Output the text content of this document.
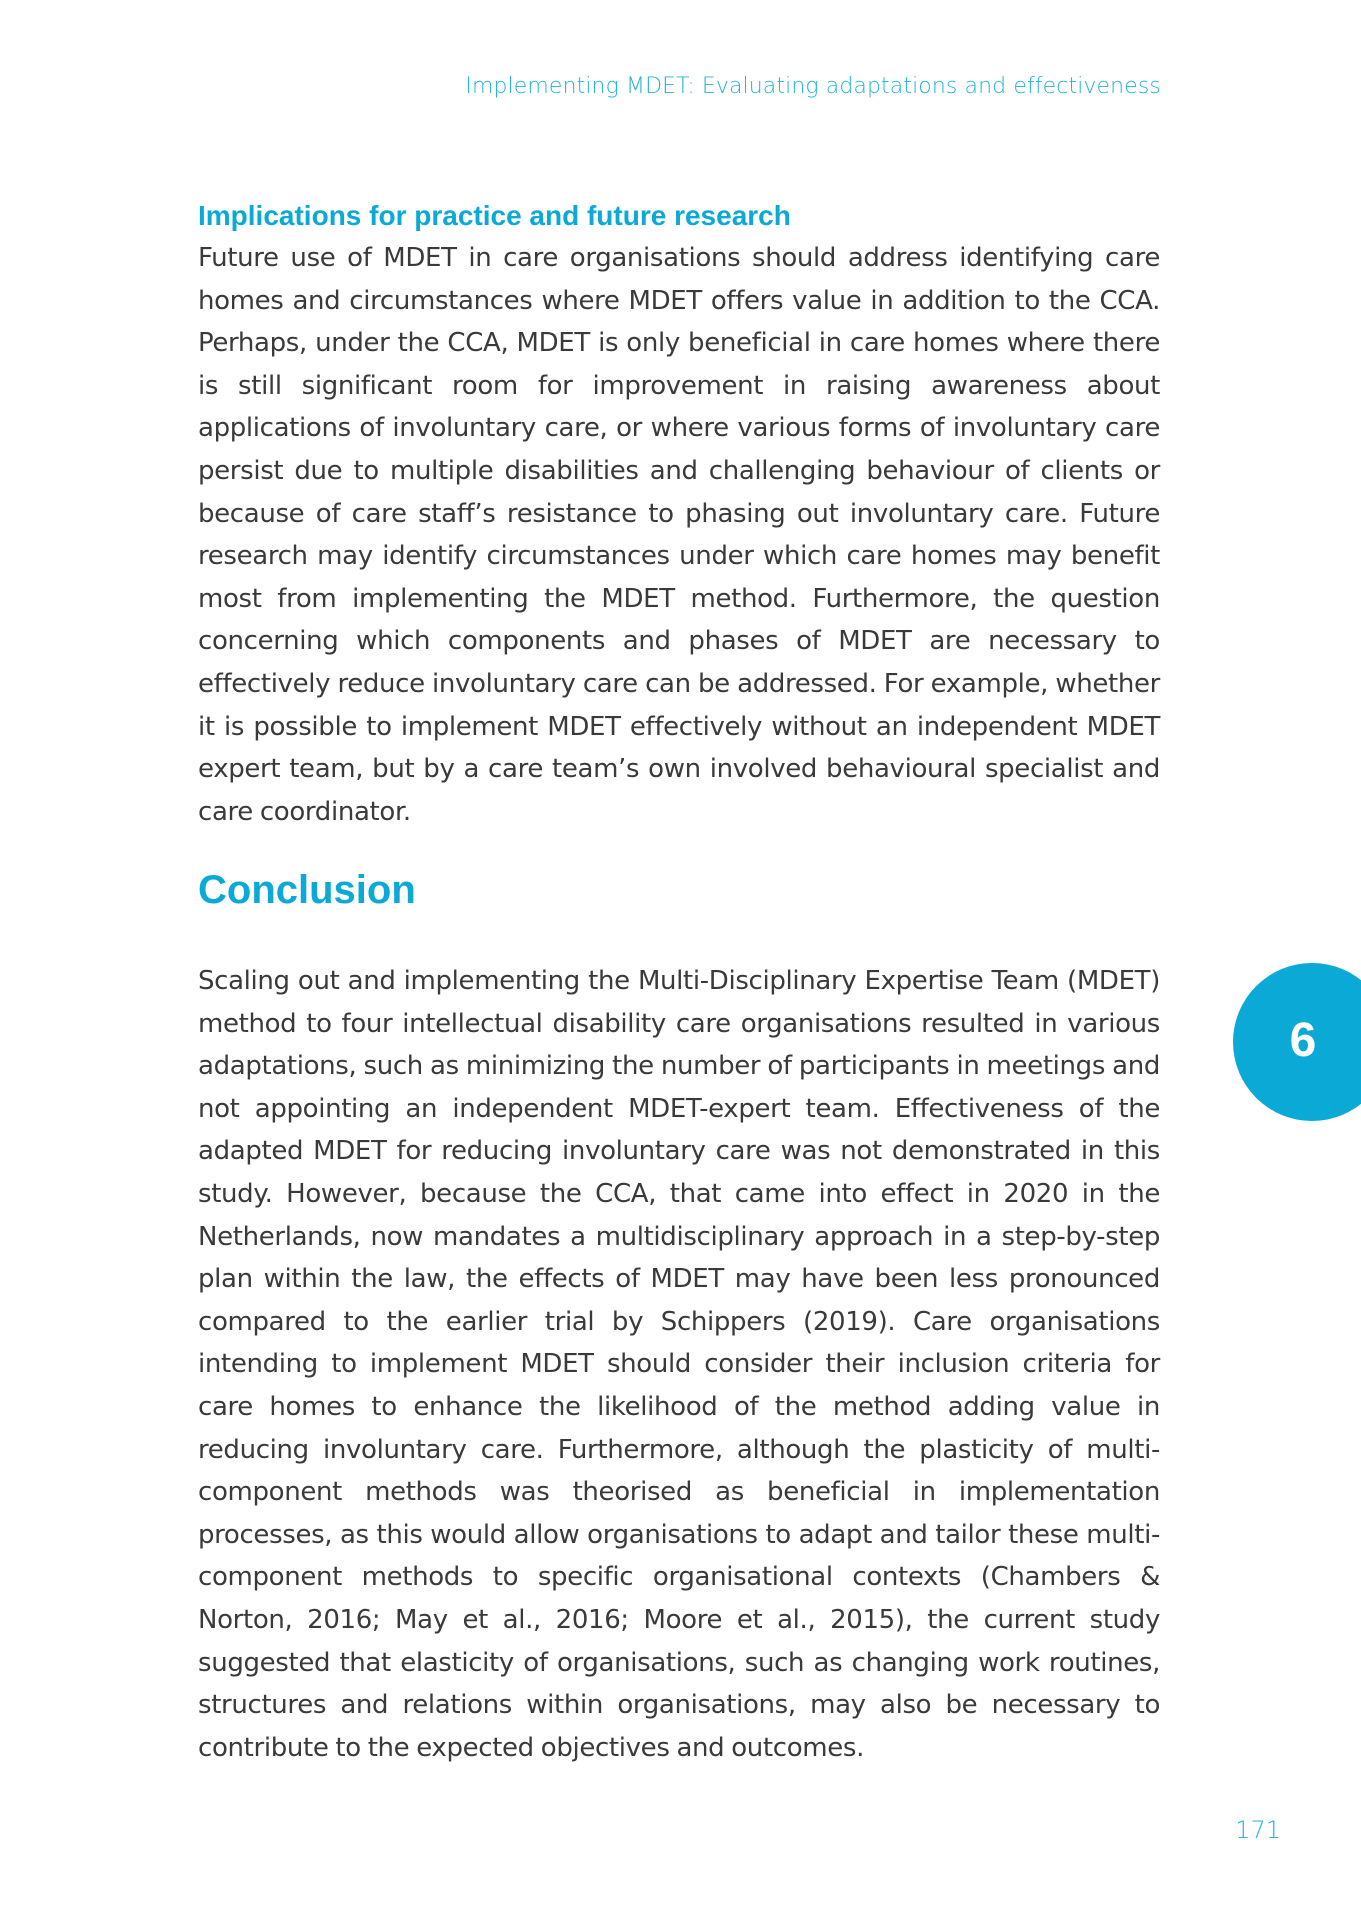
Implementing MDET: Evaluating adaptations and effectiveness
Implications for practice and future research

Future use of MDET in care organisations should address identifying care homes and circumstances where MDET offers value in addition to the CCA. Perhaps, under the CCA, MDET is only beneficial in care homes where there is still significant room for improvement in raising awareness about applications of involuntary care, or where various forms of involuntary care persist due to multiple disabilities and challenging behaviour of clients or because of care staff’s resistance to phasing out involuntary care. Future research may identify circumstances under which care homes may benefit most from implementing the MDET method. Furthermore, the question concerning which components and phases of MDET are necessary to effectively reduce involuntary care can be addressed. For example, whether it is possible to implement MDET effectively without an independent MDET expert team, but by a care team’s own involved behavioural specialist and care coordinator.

Conclusion

Scaling out and implementing the Multi-Disciplinary Expertise Team (MDET) method to four intellectual disability care organisations resulted in various adaptations, such as minimizing the number of participants in meetings and not appointing an independent MDET-expert team. Effectiveness of the adapted MDET for reducing involuntary care was not demonstrated in this study. However, because the CCA, that came into effect in 2020 in the Netherlands, now mandates a multidisciplinary approach in a step-by-step plan within the law, the effects of MDET may have been less pronounced compared to the earlier trial by Schippers (2019). Care organisations intending to implement MDET should consider their inclusion criteria for care homes to enhance the likelihood of the method adding value in reducing involuntary care. Furthermore, although the plasticity of multi-component methods was theorised as beneficial in implementation processes, as this would allow organisations to adapt and tailor these multi-component methods to specific organisational contexts (Chambers & Norton, 2016; May et al., 2016; Moore et al., 2015), the current study suggested that elasticity of organisations, such as changing work routines, structures and relations within organisations, may also be necessary to contribute to the expected objectives and outcomes.

6
171
